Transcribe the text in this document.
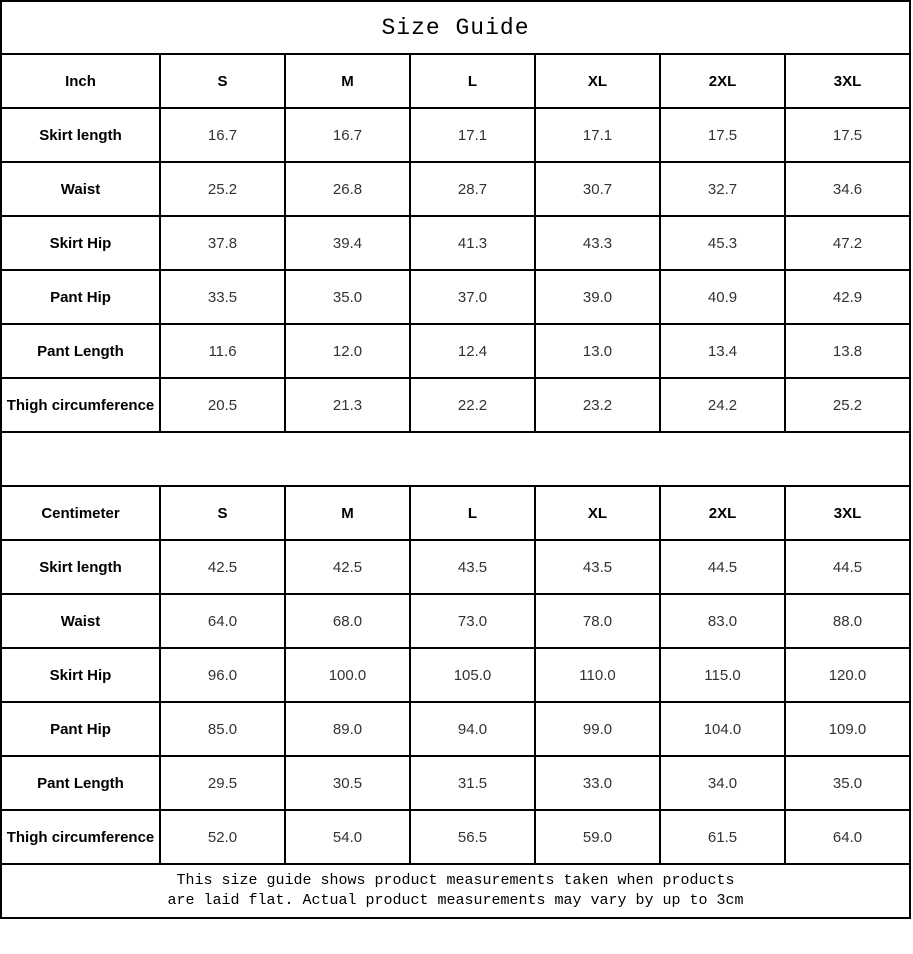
Size Guide						
Inch	S	M	L	XL	2XL	3XL
Skirt length	16.7	16.7	17.1	17.1	17.5	17.5
Waist	25.2	26.8	28.7	30.7	32.7	34.6
Skirt Hip	37.8	39.4	41.3	43.3	45.3	47.2
Pant Hip	33.5	35.0	37.0	39.0	40.9	42.9
Pant Length	11.6	12.0	12.4	13.0	13.4	13.8
Thigh circumference	20.5	21.3	22.2	23.2	24.2	25.2

Centimeter	S	M	L	XL	2XL	3XL
Skirt length	42.5	42.5	43.5	43.5	44.5	44.5
Waist	64.0	68.0	73.0	78.0	83.0	88.0
Skirt Hip	96.0	100.0	105.0	110.0	115.0	120.0
Pant Hip	85.0	89.0	94.0	99.0	104.0	109.0
Pant Length	29.5	30.5	31.5	33.0	34.0	35.0
Thigh circumference	52.0	54.0	56.5	59.0	61.5	64.0

This size guide shows product measurements taken when products
are laid flat. Actual product measurements may vary by up to 3cm						
